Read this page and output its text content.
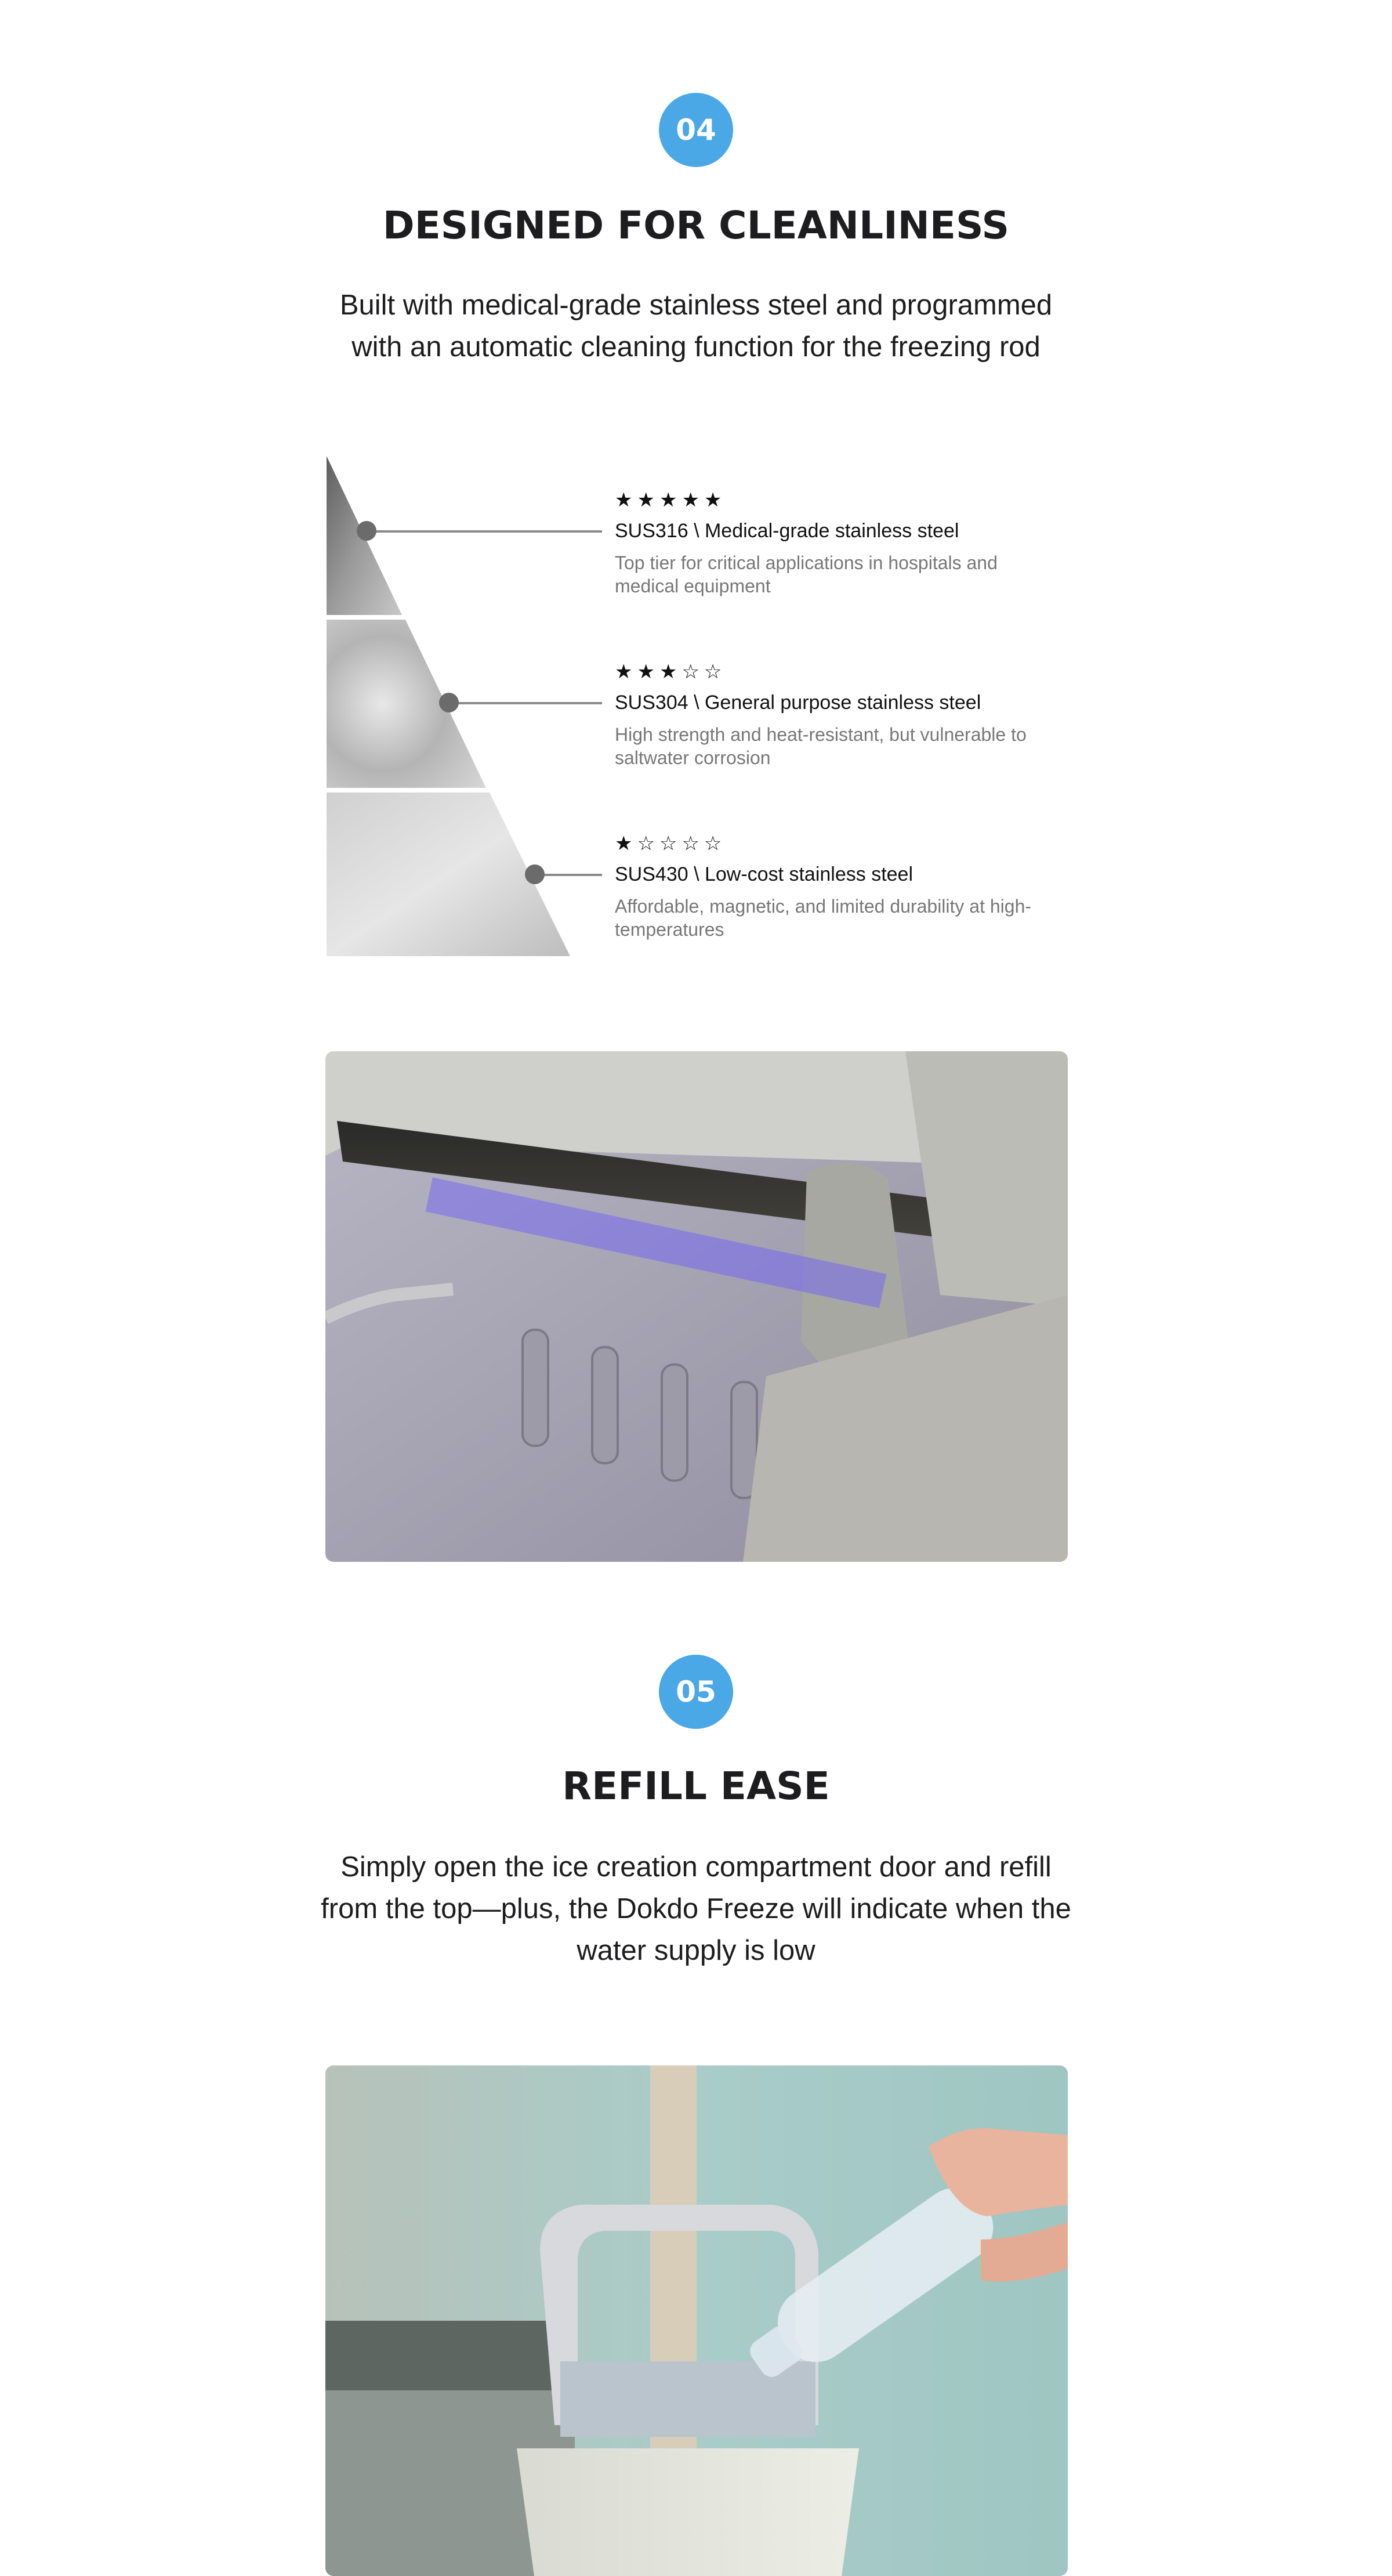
04
DESIGNED FOR CLEANLINESS

Built with medical-grade stainless steel and programmed with an automatic cleaning function for the freezing rod

★★★★★
SUS316 \ Medical-grade stainless steel
Top tier for critical applications in hospitals and medical equipment
★★★☆☆
SUS304 \ General purpose stainless steel
High strength and heat-resistant, but vulnerable to saltwater corrosion
★☆☆☆☆
SUS430 \ Low-cost stainless steel
Affordable, magnetic, and limited durability at high-temperatures
05
REFILL EASE

Simply open the ice creation compartment door and refill from the top—plus, the Dokdo Freeze will indicate when the water supply is low
